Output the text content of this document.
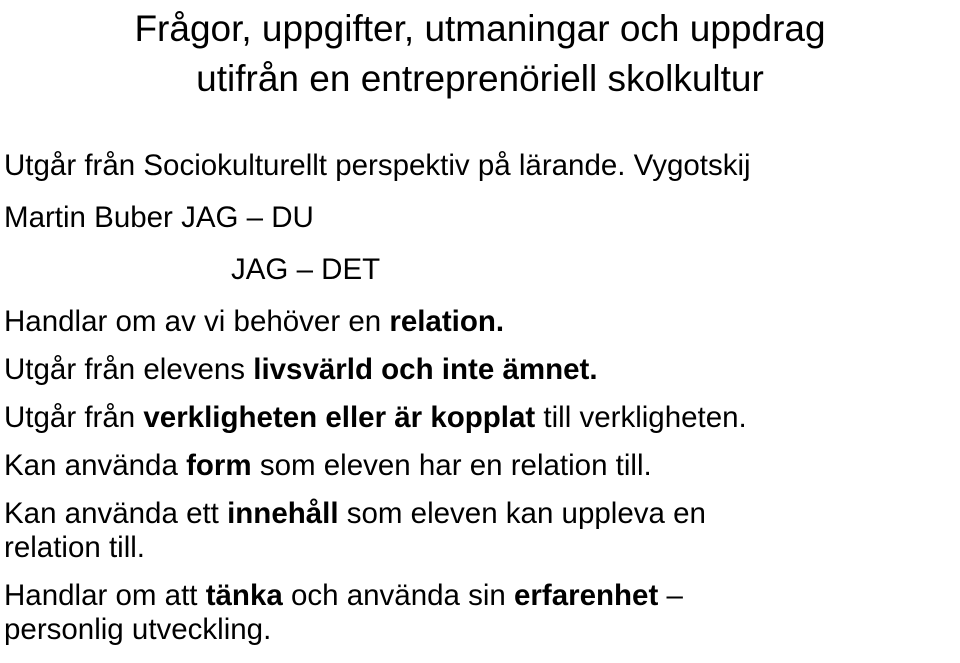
Frågor, uppgifter, utmaningar och uppdrag
utifrån en entreprenöriell skolkultur

Utgår från Sociokulturellt perspektiv på lärande. Vygotskij

Martin Buber JAG – DU

JAG – DET

Handlar om av vi behöver en relation.

Utgår från elevens livsvärld och inte ämnet.

Utgår från verkligheten eller är kopplat till verkligheten.

Kan använda form som eleven har en relation till.

Kan använda ett innehåll som eleven kan uppleva en

relation till.

Handlar om att tänka och använda sin erfarenhet –

personlig utveckling.
